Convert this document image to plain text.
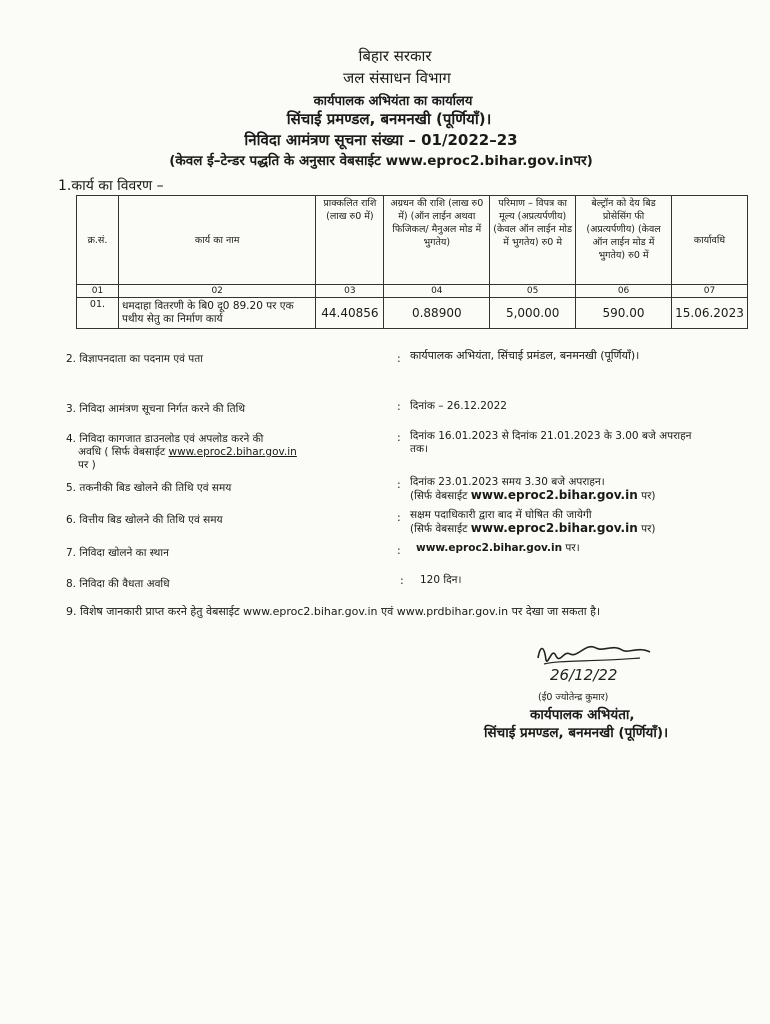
बिहार सरकार
जल संसाधन विभाग
कार्यपालक अभियंता का कार्यालय
सिंचाई प्रमण्डल, बनमनखी (पूर्णियाँ)।
निविदा आमंत्रण सूचना संख्या – 01/2022–23
(केवल ई–टेन्डर पद्धति के अनुसार वेबसाईट www.eproc2.bihar.gov.inपर)
1.कार्य का विवरण –
क्र.सं.	कार्य का नाम	प्राक्कलित राशि (लाख रु0 में)	अग्रधन की राशि (लाख रु0 में) (ऑन लाईन अथवा फिजिकल/ मैनुअल मोड में भुगतेय)	परिमाण – विपत्र का मूल्य (अप्रत्यर्पणीय) (केवल ऑन लाईन मोड में भुगतेय) रु0 मे	बेल्ट्रॉन को देय बिड प्रोसेसिंग फी (अप्रत्यर्पणीय) (केवल ऑन लाईन मोड में भुगतेय) रु0 में	कार्यावधि
01	02	03	04	05	06	07
01.	धमदाहा वितरणी के बि0 दू0 89.20 पर एक पथीय सेतु का निर्माण कार्य	44.40856	0.88900	5,000.00	590.00	15.06.2023
2. विज्ञापनदाता का पदनाम एवं पता	: कार्यपालक अभियंता, सिंचाई प्रमंडल, बनमनखी (पूर्णियाँ)।
3. निविदा आमंत्रण सूचना निर्गत करने की तिथि	: दिनांक – 26.12.2022
4. निविदा कागजात डाउनलोड एवं अपलोड करने की
अवधि ( सिर्फ वेबसाईट www.eproc2.bihar.gov.in
पर )
: दिनांक 16.01.2023 से दिनांक 21.01.2023 के 3.00 बजे अपराहन तक।
5. तकनीकी बिड खोलने की तिथि एवं समय	: दिनांक 23.01.2023 समय 3.30 बजे अपराहन।
(सिर्फ वेबसाईट www.eproc2.bihar.gov.in पर)
6. वित्तीय बिड खोलने की तिथि एवं समय	: सक्षम पदाधिकारी द्वारा बाद में घोषित की जायेगी
(सिर्फ वेबसाईट www.eproc2.bihar.gov.in पर)
7. निविदा खोलने का स्थान	: www.eproc2.bihar.gov.in पर।
8. निविदा की वैधता अवधि	: 120 दिन।
9. विशेष जानकारी प्राप्त करने हेतु वेबसाईट www.eproc2.bihar.gov.in एवं www.prdbihar.gov.in पर देखा जा सकता है।
26/12/22
(ई0 ज्योतेन्द्र कुमार)
कार्यपालक अभियंता,
सिंचाई प्रमण्डल, बनमनखी (पूर्णियाँ)।
